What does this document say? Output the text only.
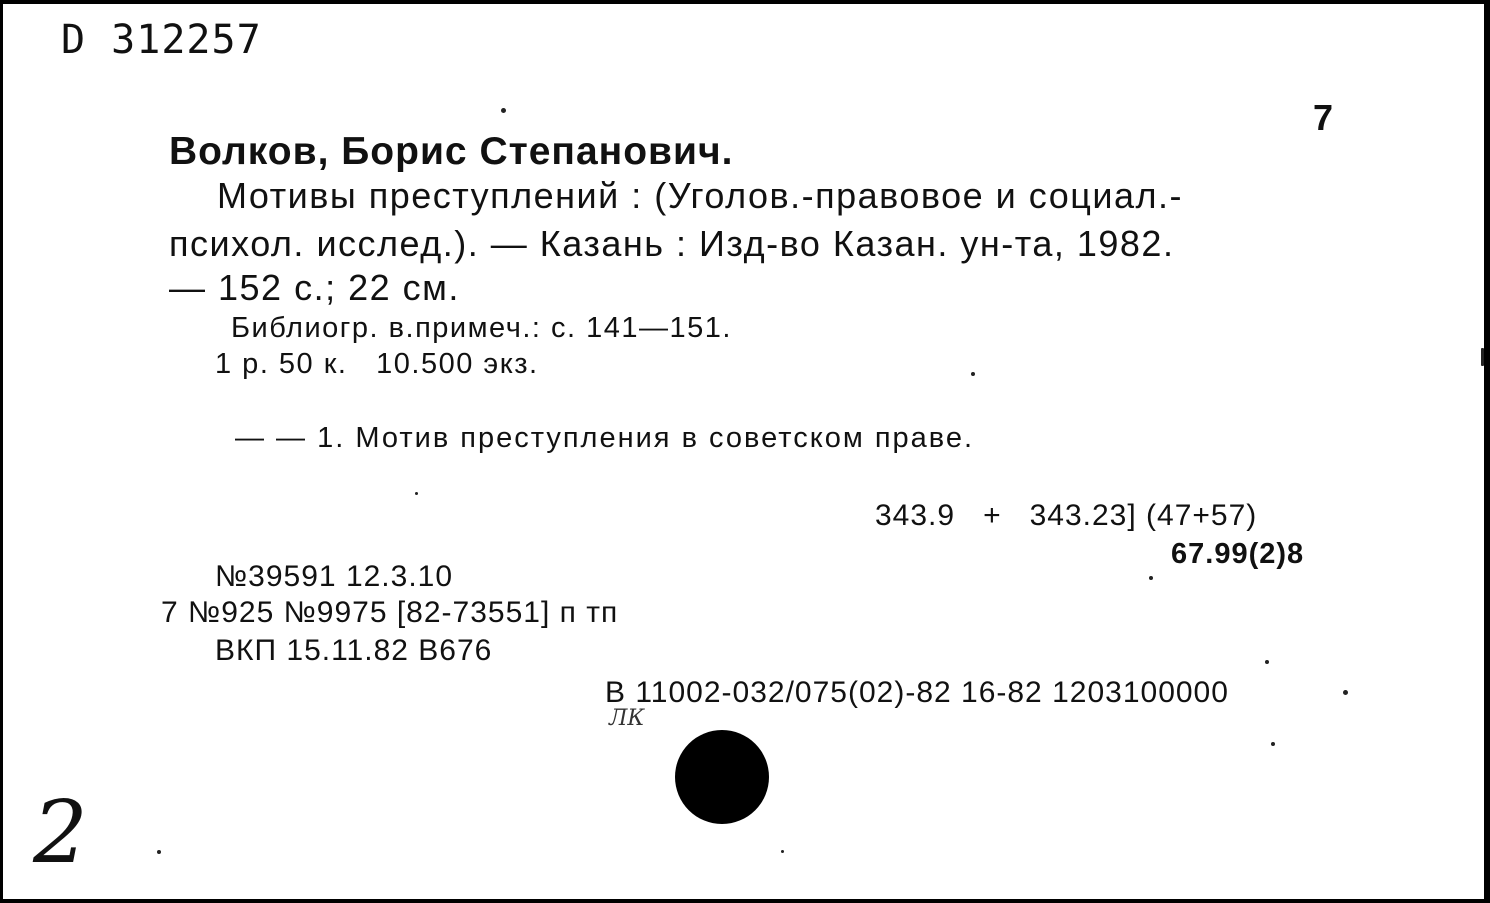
D 312257
7
Волков, Борис Степанович.
Мотивы преступлений : (Уголов.-правовое и социал.-
психол. исслед.). — Казань : Изд-во Казан. ун-та, 1982.
— 152 с.; 22 см.
Библиогр. в.примеч.: с. 141—151.
1 р. 50 к.   10.500 экз.
— — 1. Мотив преступления в советском праве.
343.9   +   343.23] (47+57)
67.99(2)8
№39591 12.3.10
7 №925 №9975 [82-73551] п тп
ВКП 15.11.82 В676
В 11002-032/075(02)-82 16-82 1203100000
ЛК
2
